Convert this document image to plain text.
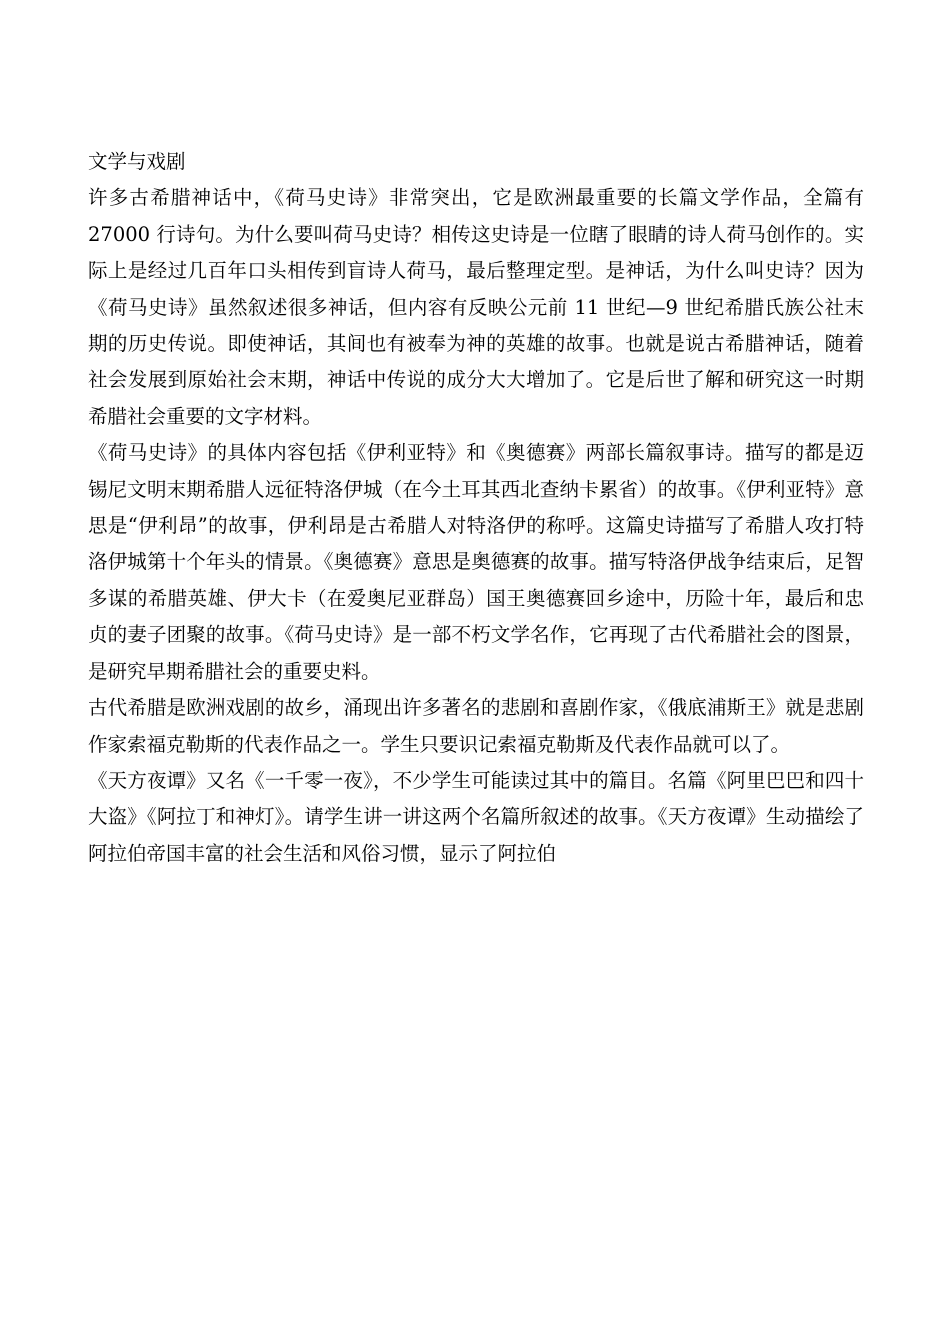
文学与戏剧

许多古希腊神话中，《荷马史诗》非常突出，它是欧洲最重要的长篇文学作品，全篇有 27000 行诗句。为什么要叫荷马史诗？相传这史诗是一位瞎了眼睛的诗人荷马创作的。实际上是经过几百年口头相传到盲诗人荷马，最后整理定型。是神话，为什么叫史诗？因为《荷马史诗》虽然叙述很多神话，但内容有反映公元前 11 世纪—9 世纪希腊氏族公社末期的历史传说。即使神话，其间也有被奉为神的英雄的故事。也就是说古希腊神话，随着社会发展到原始社会末期，神话中传说的成分大大增加了。它是后世了解和研究这一时期希腊社会重要的文字材料。

《荷马史诗》的具体内容包括《伊利亚特》和《奥德赛》两部长篇叙事诗。描写的都是迈锡尼文明末期希腊人远征特洛伊城（在今土耳其西北查纳卡累省）的故事。《伊利亚特》意思是“伊利昂”的故事，伊利昂是古希腊人对特洛伊的称呼。这篇史诗描写了希腊人攻打特洛伊城第十个年头的情景。《奥德赛》意思是奥德赛的故事。描写特洛伊战争结束后，足智多谋的希腊英雄、伊大卡（在爱奥尼亚群岛）国王奥德赛回乡途中，历险十年，最后和忠贞的妻子团聚的故事。《荷马史诗》是一部不朽文学名作，它再现了古代希腊社会的图景，是研究早期希腊社会的重要史料。

古代希腊是欧洲戏剧的故乡，涌现出许多著名的悲剧和喜剧作家，《俄底浦斯王》就是悲剧作家索福克勒斯的代表作品之一。学生只要识记索福克勒斯及代表作品就可以了。

《天方夜谭》又名《一千零一夜》，不少学生可能读过其中的篇目。名篇《阿里巴巴和四十大盗》《阿拉丁和神灯》。请学生讲一讲这两个名篇所叙述的故事。《天方夜谭》生动描绘了阿拉伯帝国丰富的社会生活和风俗习惯，显示了阿拉伯
